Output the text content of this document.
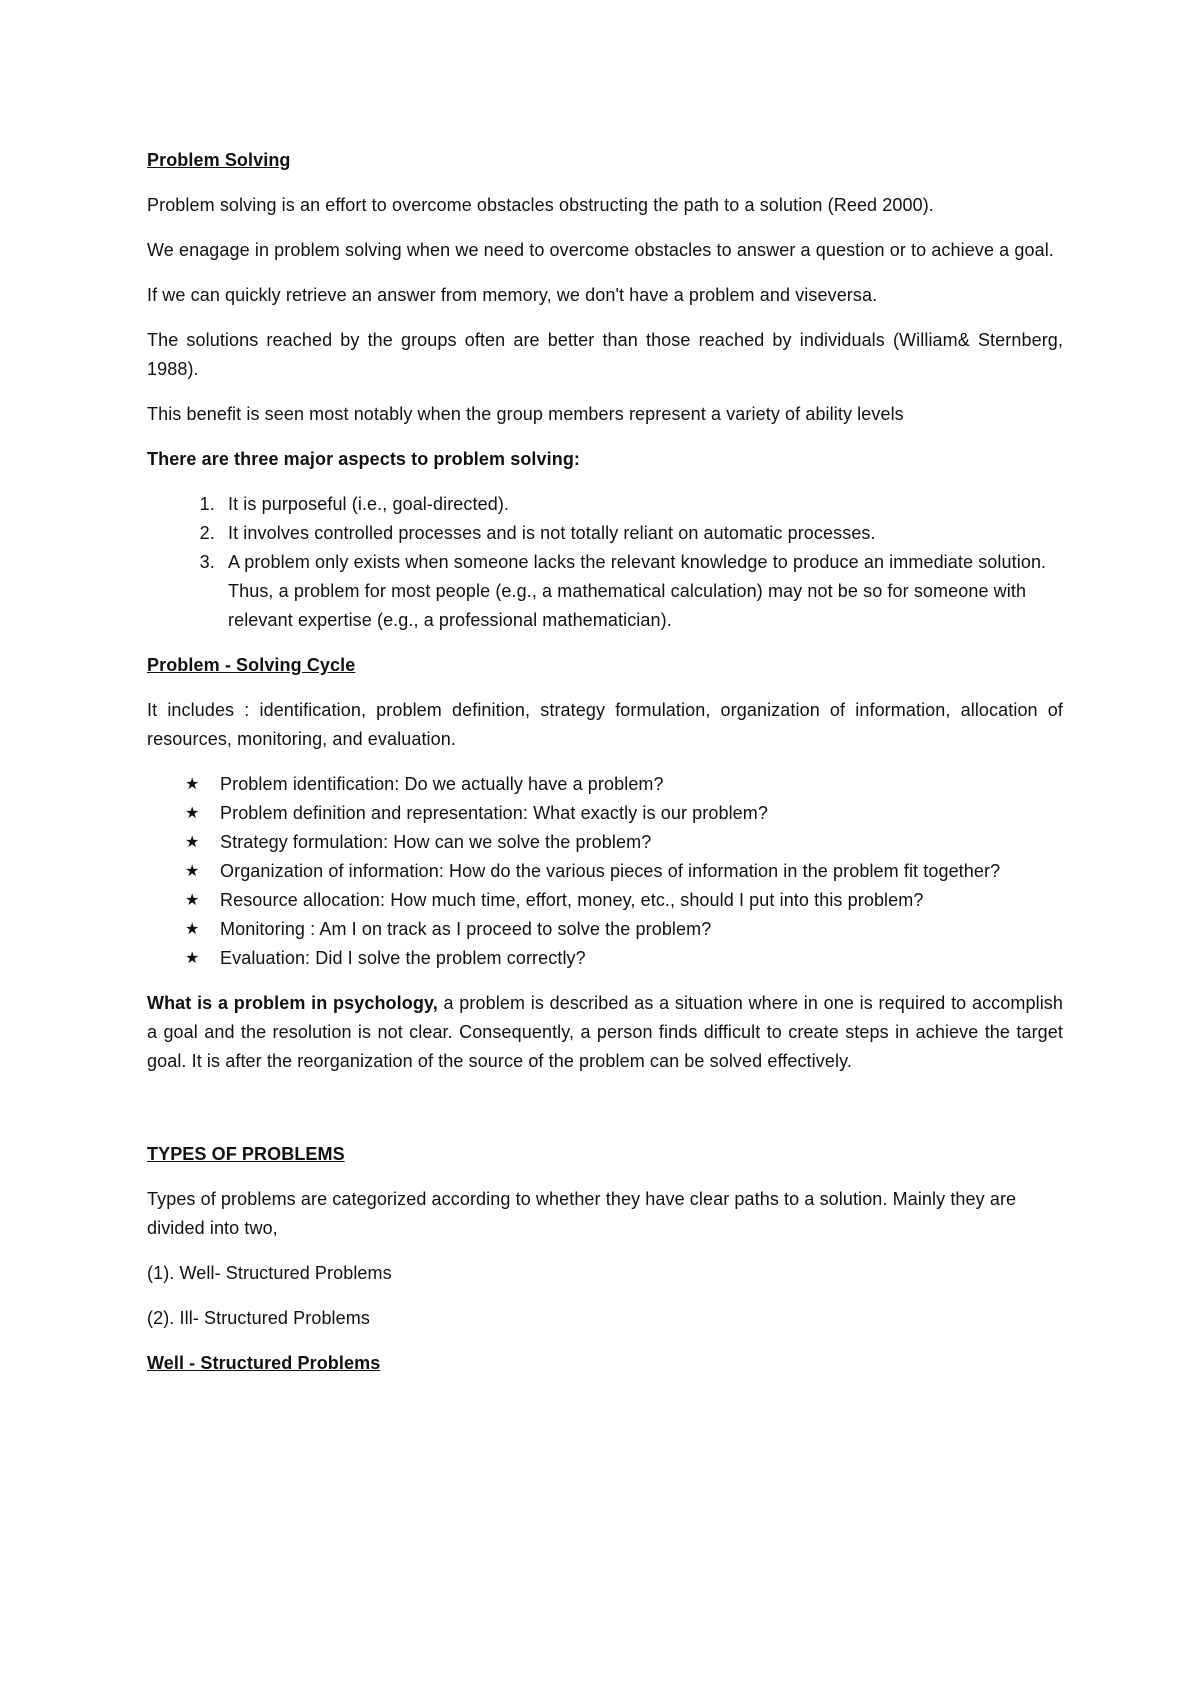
Problem Solving

Problem solving is an effort to overcome obstacles obstructing the path to a solution (Reed 2000).

We enagage in problem solving when we need to overcome obstacles to answer a question or to achieve a goal.

If we can quickly retrieve an answer from memory, we don't have a problem and viseversa.

The solutions reached by the groups often are better than those reached by individuals (William& Sternberg, 1988).

This benefit is seen most notably when the group members represent a variety of ability levels

There are three major aspects to problem solving:

1. It is purposeful (i.e., goal-directed).
2. It involves controlled processes and is not totally reliant on automatic processes.
3. A problem only exists when someone lacks the relevant knowledge to produce an immediate solution. Thus, a problem for most people (e.g., a mathematical calculation) may not be so for someone with relevant expertise (e.g., a professional mathematician).

Problem - Solving Cycle

It includes : identification, problem definition, strategy formulation, organization of information, allocation of resources, monitoring, and evaluation.

★ Problem identification: Do we actually have a problem?
★ Problem definition and representation: What exactly is our problem?
★ Strategy formulation: How can we solve the problem?
★ Organization of information: How do the various pieces of information in the problem fit together?
★ Resource allocation: How much time, effort, money, etc., should I put into this problem?
★ Monitoring : Am I on track as I proceed to solve the problem?
★ Evaluation: Did I solve the problem correctly?

What is a problem in psychology, a problem is described as a situation where in one is required to accomplish a goal and the resolution is not clear. Consequently, a person finds difficult to create steps in achieve the target goal. It is after the reorganization of the source of the problem can be solved effectively.

TYPES OF PROBLEMS

Types of problems are categorized according to whether they have clear paths to a solution. Mainly they are divided into two,

(1). Well- Structured Problems

(2). Ill- Structured Problems

Well - Structured Problems
